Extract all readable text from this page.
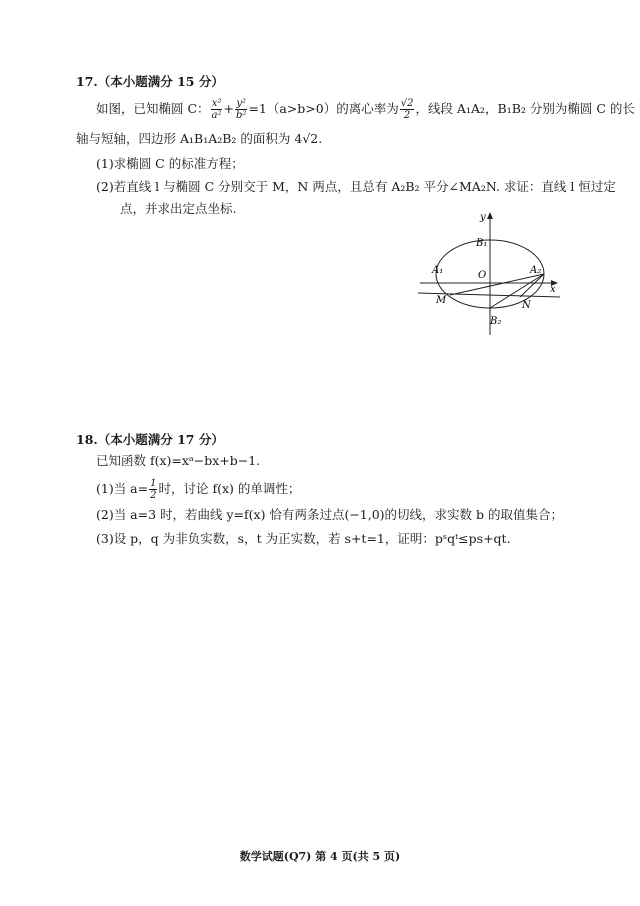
17.（本小题满分 15 分）
如图，已知椭圆 C： $\frac{\text{x²}}{\text{a²}} + \frac{\text{y²}}{\text{b²}} =1(a>b>0)$的离心率为 $\frac{√2}{2}$ ，线段 A₁A₂，B₁B₂ 分别为椭圆 C 的长
轴与短轴，四边形 A₁B₁A₂B₂ 的面积为 4√2.
(1)求椭圆 C 的标准方程；
(2)若直线 l 与椭圆 C 分别交于 M，N 两点，且总有 A₂B₂ 平分∠MA₂N. 求证：直线 l 恒过定
点，并求出定点坐标.
y
x
B₁
B₂
A₁	A₂
O
M	N
18.（本小题满分 17 分）
已知函数 f(x)=xᵃ−bx+b−1.
(1)当 $a= \frac{1}{2}$ 时，讨论 f(x) 的单调性；
(2)当 a=3 时，若曲线 y=f(x) 恰有两条过点(−1,0)的切线，求实数 b 的取值集合；
(3)设 p，q 为非负实数，s，t 为正实数，若 s+t=1，证明：pˢqᵗ≤ps+qt.
数学试题(Q7) 第 4 页(共 5 页)
